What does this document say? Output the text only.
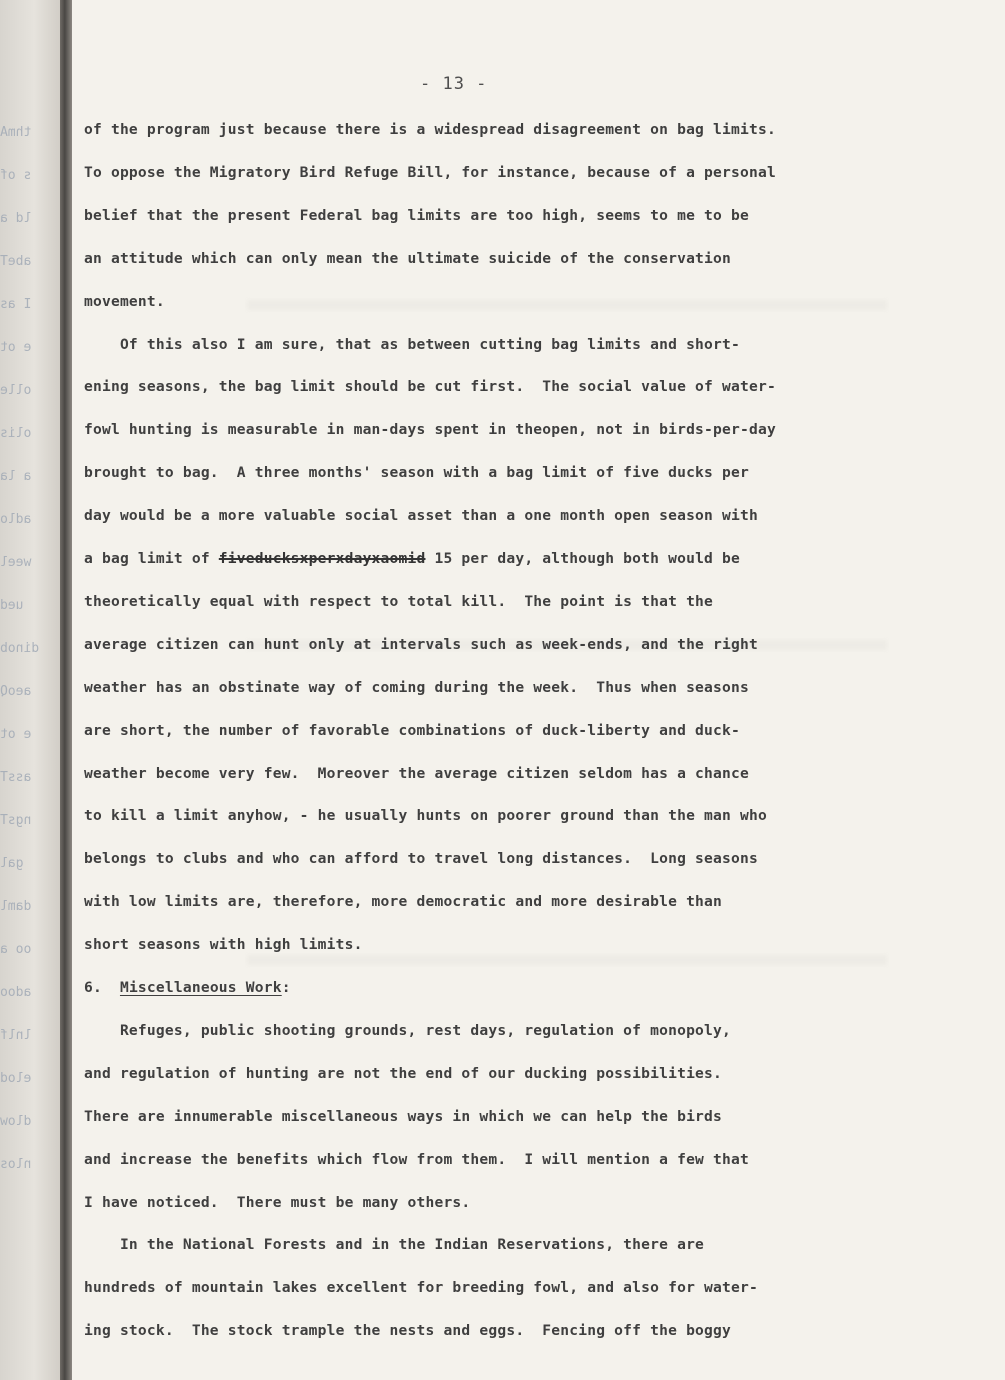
thmA
s of
ld a
abeT
I as
e ot
olle
olis
a la
adlo
weel
ued
dinob
aeoQ
e ot
assT
ngsT
gal
daml
oo a
adoo
lnlf
elod
dlow
nlos
- 13 -
of the program just because there is a widespread disagreement on bag limits.
To oppose the Migratory Bird Refuge Bill, for instance, because of a personal
belief that the present Federal bag limits are too high, seems to me to be
an attitude which can only mean the ultimate suicide of the conservation
movement.
Of this also I am sure, that as between cutting bag limits and short-
ening seasons, the bag limit should be cut first.  The social value of water-
fowl hunting is measurable in man-days spent in theopen, not in birds-per-day
brought to bag.  A three months' season with a bag limit of five ducks per
day would be a more valuable social asset than a one month open season with
a bag limit of fiveducksxperxdayxaomid 15 per day, although both would be
theoretically equal with respect to total kill.  The point is that the
average citizen can hunt only at intervals such as week-ends, and the right
weather has an obstinate way of coming during the week.  Thus when seasons
are short, the number of favorable combinations of duck-liberty and duck-
weather become very few.  Moreover the average citizen seldom has a chance
to kill a limit anyhow, - he usually hunts on poorer ground than the man who
belongs to clubs and who can afford to travel long distances.  Long seasons
with low limits are, therefore, more democratic and more desirable than
short seasons with high limits.
6.  Miscellaneous Work:
Refuges, public shooting grounds, rest days, regulation of monopoly,
and regulation of hunting are not the end of our ducking possibilities.
There are innumerable miscellaneous ways in which we can help the birds
and increase the benefits which flow from them.  I will mention a few that
I have noticed.  There must be many others.
In the National Forests and in the Indian Reservations, there are
hundreds of mountain lakes excellent for breeding fowl, and also for water-
ing stock.  The stock trample the nests and eggs.  Fencing off the boggy
